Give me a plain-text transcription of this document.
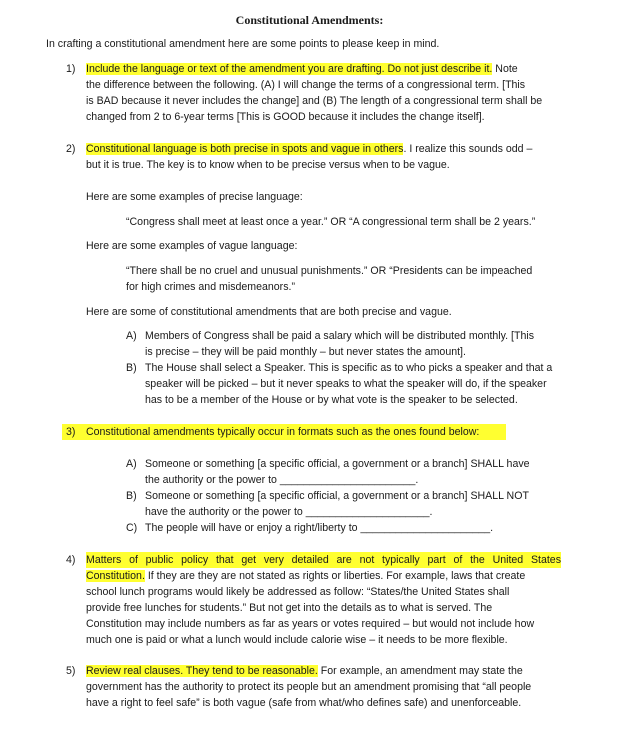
Constitutional Amendments:
In crafting a constitutional amendment here are some points to please keep in mind.
1) Include the language or text of the amendment you are drafting. Do not just describe it. Note
the difference between the following. (A) I will change the terms of a congressional term. [This
is BAD because it never includes the change] and (B) The length of a congressional term shall be
changed from 2 to 6-year terms [This is GOOD because it includes the change itself].
2) Constitutional language is both precise in spots and vague in others. I realize this sounds odd –
but it is true. The key is to know when to be precise versus when to be vague.
Here are some examples of precise language:
“Congress shall meet at least once a year.” OR “A congressional term shall be 2 years.”
Here are some examples of vague language:
“There shall be no cruel and unusual punishments.” OR “Presidents can be impeached
for high crimes and misdemeanors.”
Here are some of constitutional amendments that are both precise and vague.
A) Members of Congress shall be paid a salary which will be distributed monthly. [This
is precise – they will be paid monthly – but never states the amount].
B) The House shall select a Speaker. This is specific as to who picks a speaker and that a
speaker will be picked – but it never speaks to what the speaker will do, if the speaker
has to be a member of the House or by what vote is the speaker to be selected.
3) Constitutional amendments typically occur in formats such as the ones found below:
A) Someone or something [a specific official, a government or a branch] SHALL have
the authority or the power to _______________________.
B) Someone or something [a specific official, a government or a branch] SHALL NOT
have the authority or the power to _____________________.
C) The people will have or enjoy a right/liberty to ______________________.
4) Matters of public policy that get very detailed are not typically part of the United States
Constitution. If they are they are not stated as rights or liberties. For example, laws that create
school lunch programs would likely be addressed as follow: “States/the United States shall
provide free lunches for students.” But not get into the details as to what is served. The
Constitution may include numbers as far as years or votes required – but would not include how
much one is paid or what a lunch would include calorie wise – it needs to be more flexible.
5) Review real clauses. They tend to be reasonable. For example, an amendment may state the
government has the authority to protect its people but an amendment promising that “all people
have a right to feel safe” is both vague (safe from what/who defines safe) and unenforceable.
